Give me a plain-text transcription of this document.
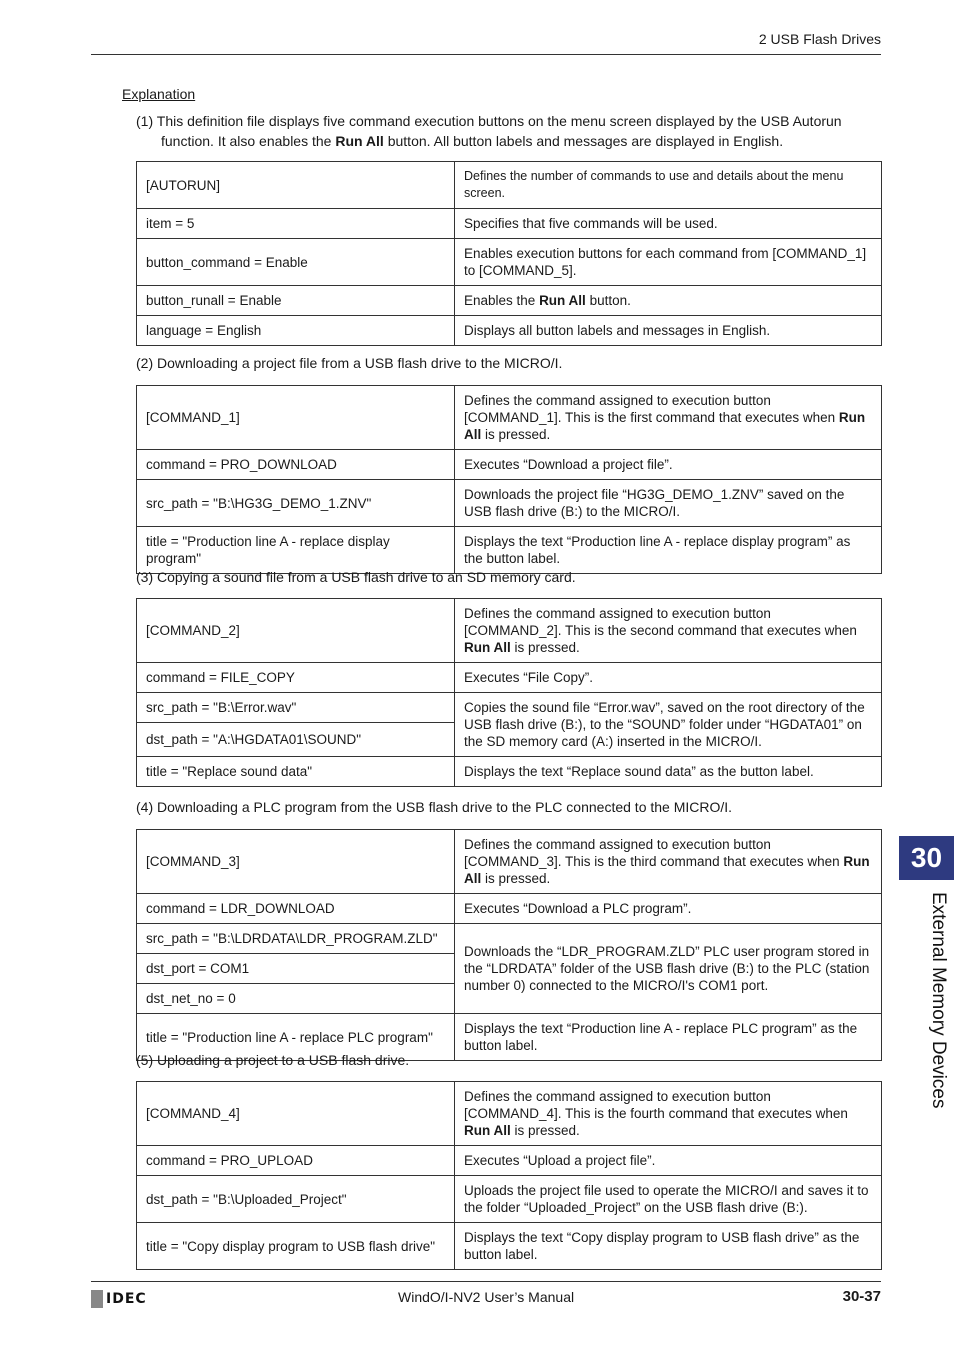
2 USB Flash Drives
30
External Memory Devices
Explanation
(1) This definition file displays five command execution buttons on the menu screen displayed by the USB Autorun
function. It also enables the Run All button. All button labels and messages are displayed in English.
[AUTORUN]	Defines the number of commands to use and details about the menu screen.
item = 5	Specifies that five commands will be used.
button_command = Enable	Enables execution buttons for each command from [COMMAND_1] to [COMMAND_5].
button_runall = Enable	Enables the Run All button.
language = English	Displays all button labels and messages in English.
(2) Downloading a project file from a USB flash drive to the MICRO/I.
[COMMAND_1]	Defines the command assigned to execution button [COMMAND_1]. This is the first command that executes when Run All is pressed.
command = PRO_DOWNLOAD	Executes “Download a project file”.
src_path = "B:\HG3G_DEMO_1.ZNV"	Downloads the project file “HG3G_DEMO_1.ZNV” saved on the USB flash drive (B:) to the MICRO/I.
title = "Production line A - replace display program"	Displays the text “Production line A - replace display program” as the button label.
(3) Copying a sound file from a USB flash drive to an SD memory card.
[COMMAND_2]	Defines the command assigned to execution button [COMMAND_2]. This is the second command that executes when Run All is pressed.
command = FILE_COPY	Executes “File Copy”.
src_path = "B:\Error.wav"	Copies the sound file “Error.wav”, saved on the root directory of the USB flash drive (B:), to the “SOUND” folder under “HGDATA01” on the SD memory card (A:) inserted in the MICRO/I.
dst_path = "A:\HGDATA01\SOUND"	
title = "Replace sound data"	Displays the text “Replace sound data” as the button label.
(4) Downloading a PLC program from the USB flash drive to the PLC connected to the MICRO/I.
[COMMAND_3]	Defines the command assigned to execution button [COMMAND_3]. This is the third command that executes when Run All is pressed.
command = LDR_DOWNLOAD	Executes “Download a PLC program”.
src_path = "B:\LDRDATA\LDR_PROGRAM.ZLD"	Downloads the “LDR_PROGRAM.ZLD” PLC user program stored in the “LDRDATA” folder of the USB flash drive (B:) to the PLC (station number 0) connected to the MICRO/I's COM1 port.
dst_port = COM1	
dst_net_no = 0	
title = "Production line A - replace PLC program"	Displays the text “Production line A - replace PLC program” as the button label.
(5) Uploading a project to a USB flash drive.
[COMMAND_4]	Defines the command assigned to execution button [COMMAND_4]. This is the fourth command that executes when Run All is pressed.
command = PRO_UPLOAD	Executes “Upload a project file”.
dst_path = "B:\Uploaded_Project"	Uploads the project file used to operate the MICRO/I and saves it to the folder “Uploaded_Project” on the USB flash drive (B:).
title = "Copy display program to USB flash drive"	Displays the text “Copy display program to USB flash drive” as the button label.
IDEC	WindO/I-NV2 User’s Manual	30-37
